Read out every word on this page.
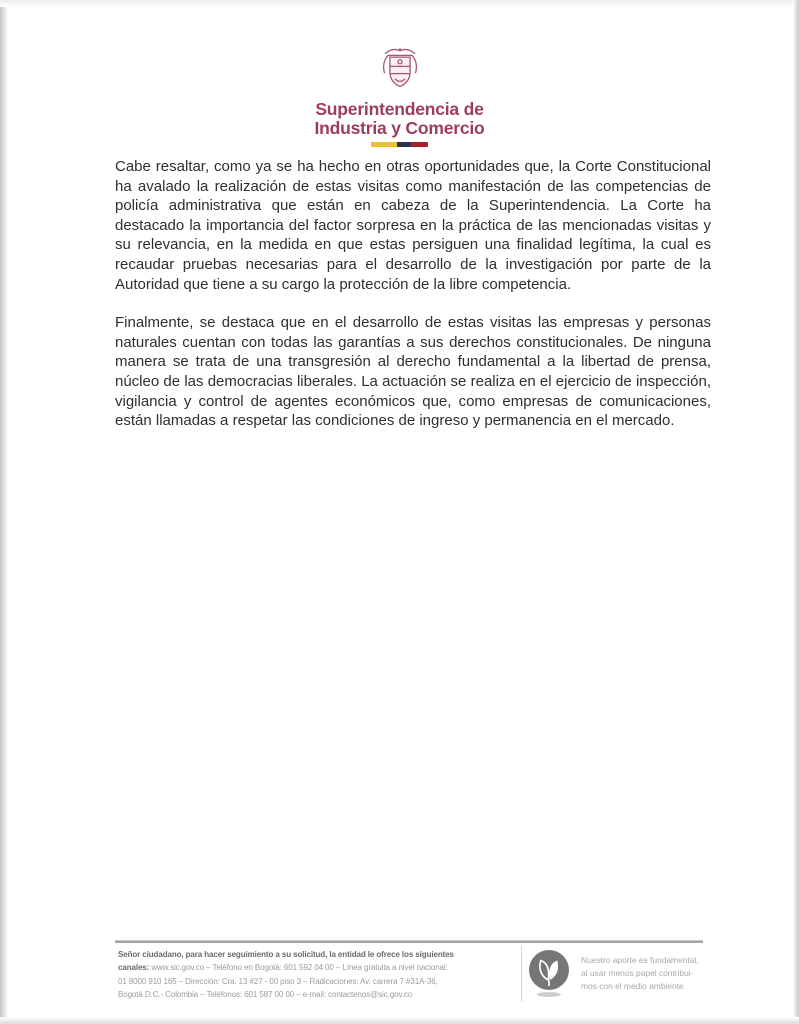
Superintendencia de
Industria y Comercio

Cabe resaltar, como ya se ha hecho en otras oportunidades que, la Corte Constitucional ha avalado la realización de estas visitas como manifestación de las competencias de policía administrativa que están en cabeza de la Superintendencia. La Corte ha destacado la importancia del factor sorpresa en la práctica de las mencionadas visitas y su relevancia, en la medida en que estas persiguen una finalidad legítima, la cual es recaudar pruebas necesarias para el desarrollo de la investigación por parte de la Autoridad que tiene a su cargo la protección de la libre competencia.

Finalmente, se destaca que en el desarrollo de estas visitas las empresas y personas naturales cuentan con todas las garantías a sus derechos constitucionales. De ninguna manera se trata de una transgresión al derecho fundamental a la libertad de prensa, núcleo de las democracias liberales. La actuación se realiza en el ejercicio de inspección, vigilancia y control de agentes económicos que, como empresas de comunicaciones, están llamadas a respetar las condiciones de ingreso y permanencia en el mercado.

Señor ciudadano, para hacer seguimiento a su solicitud, la entidad le ofrece los siguientes
canales: www.sic.gov.co – Teléfono en Bogotá: 601 592 04 00 – Línea gratuita a nivel nacional:
01 8000 910 165 – Dirección: Cra. 13 #27 - 00 piso 3 – Radicaciones: Av. carrera 7 #31A-36,
Bogotá D.C.- Colombia – Teléfonos: 601 587 00 00 – e-mail: contactenos@sic.gov.co
Nuestro aporte es fundamental,
al usar menos papel contribui-
mos con el medio ambiente
